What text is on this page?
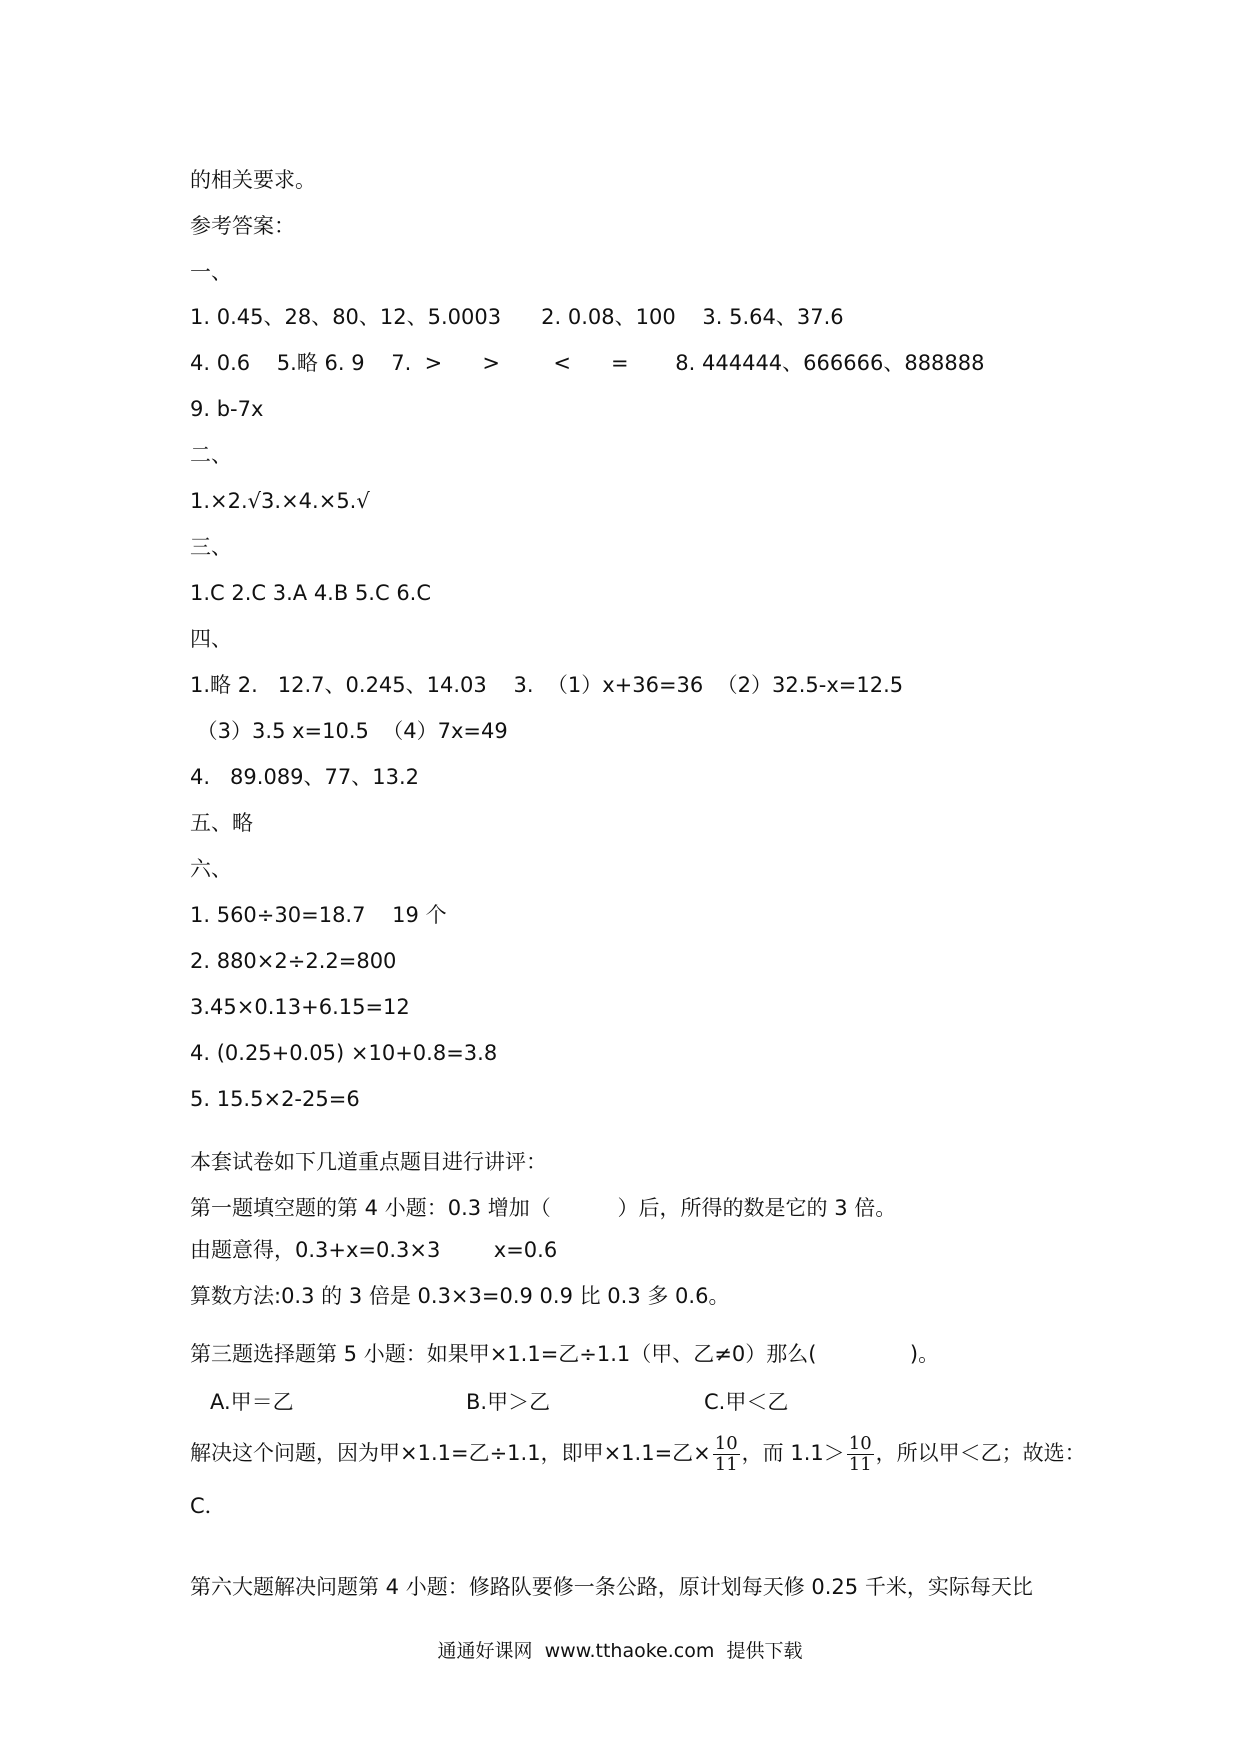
的相关要求。
参考答案：
一、
1. 0.45、28、80、12、5.0003      2. 0.08、100    3. 5.64、37.6
4. 0.6    5.略 6. 9    7.  >      >        <      =       8. 444444、666666、888888
9. b-7x
二、
1.×2.√3.×4.×5.√
三、
1.C 2.C 3.A 4.B 5.C 6.C
四、
1.略 2.   12.7、0.245、14.03    3.  （1）x+36=36  （2）32.5-x=12.5
（3）3.5 x=10.5  （4）7x=49
4.   89.089、77、13.2
五、略
六、
1. 560÷30=18.7    19 个
2. 880×2÷2.2=800
3.45×0.13+6.15=12
4. (0.25+0.05) ×10+0.8=3.8
5. 15.5×2-25=6
本套试卷如下几道重点题目进行讲评：
第一题填空题的第 4 小题：0.3 增加（          ）后，所得的数是它的 3 倍。
由题意得，0.3+x=0.3×3        x=0.6
算数方法:0.3 的 3 倍是 0.3×3=0.9 0.9 比 0.3 多 0.6。
第三题选择题第 5 小题：如果甲×1.1=乙÷1.1（甲、乙≠0）那么(              )。
A.甲＝乙	B.甲＞乙	C.甲＜乙
解决这个问题，因为甲×1.1=乙÷1.1，即甲×1.1=乙× $\frac{10}{11}$ ，而 $1.1> \frac{10}{11}$ ，所以甲＜乙；故选：
C．
第六大题解决问题第 4 小题：修路队要修一条公路，原计划每天修 0.25 千米，实际每天比
通通好课网  www.tthaoke.com  提供下载
